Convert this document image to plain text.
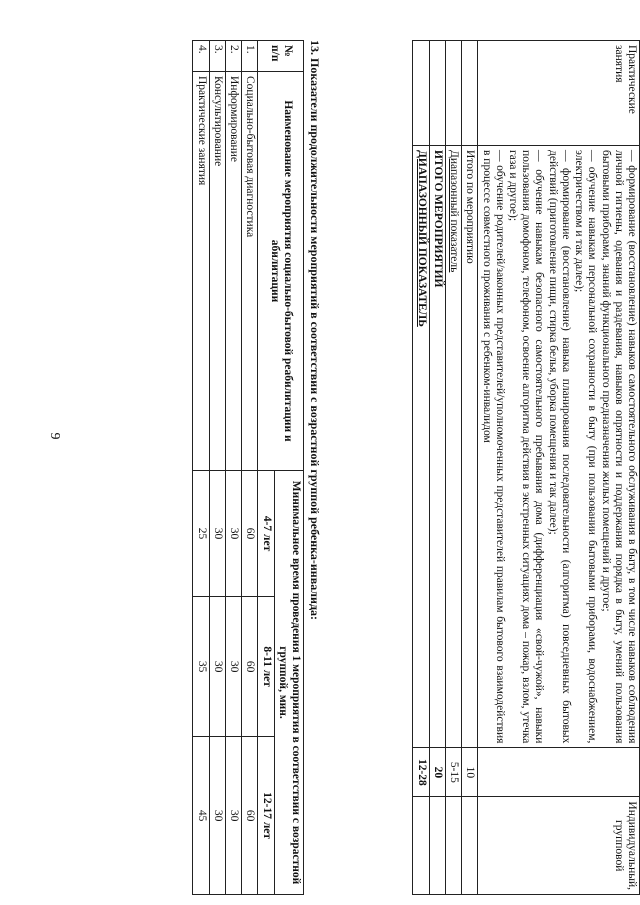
9
Практические занятия	— формирование (восстановление) навыков самостоятельного обслуживания в быту, в том числе навыков соблюдения личной гигиены, одевания и раздевания, навыков опрятности и поддержания порядка в быту, умений пользования бытовыми приборами, знаний функционального предназначения жилых помещений и другое;

— обучение навыкам персональной сохранности в быту (при пользовании бытовыми приборами, водоснабжением, электричеством и так далее);

— формирование (восстановление) навыка планирования последовательности (алгоритма) повседневных бытовых действий (приготовление пищи, стирка белья, уборка помещения и так далее);

— обучение навыкам безопасного самостоятельного пребывания дома (дифференциация «свой-чужой», навыки пользования домофоном, телефоном, освоение алгоритма действия в экстренных ситуациях дома – пожар, взлом, утечка газа и другое);

— обучение родителей/законных представителей/уполномоченных представителей правилам бытового взаимодействия в процессе совместного проживания с ребенком-инвалидом		Индивидуальный, групповой
	Итого по мероприятию	10	
	Диапазонный показатель	5-15	
	ИТОГО МЕРОПРИЯТИЙ	20	
	ДИАПАЗОННЫЙ ПОКАЗАТЕЛЬ	12-28	
13. Показатели продолжительности мероприятий в соответствии с возрастной группой ребенка-инвалида:
№ п/п	Наименование мероприятия социально-бытовой реабилитации и абилитации	Минимальное время проведения 1 мероприятия в соответствии с возрастной группой, мин.		
		4-7 лет	8-11 лет	12-17 лет
1.	Социально-бытовая диагностика	60	60	60
2.	Информирование	30	30	30
3.	Консультирование	30	30	30
4.	Практические занятия	25	35	45
